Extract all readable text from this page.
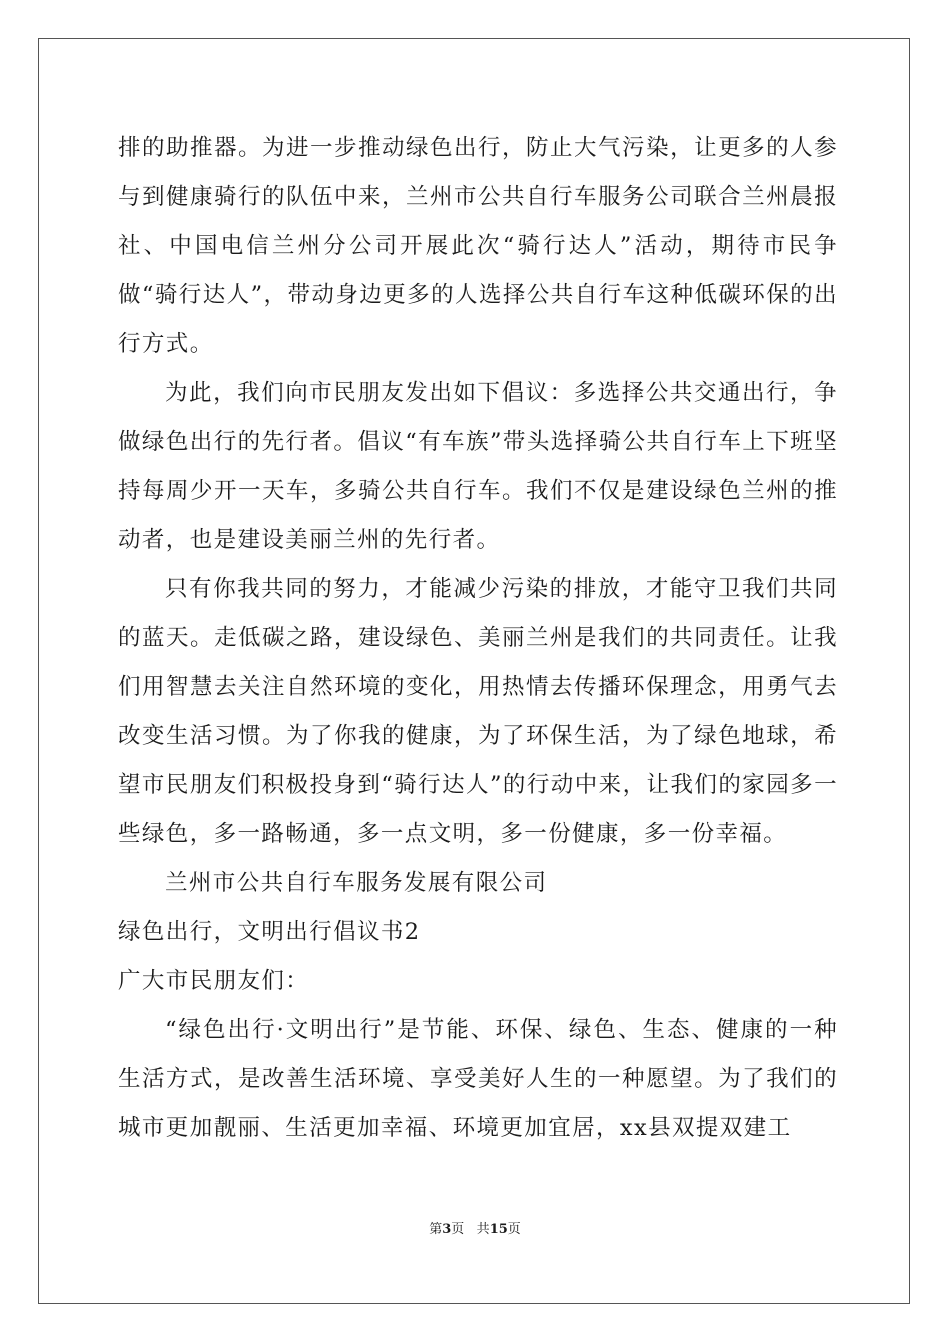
排的助推器。为进一步推动绿色出行，防止大气污染，让更多的人参与到健康骑行的队伍中来，兰州市公共自行车服务公司联合兰州晨报社、中国电信兰州分公司开展此次“骑行达人”活动，期待市民争做“骑行达人”，带动身边更多的人选择公共自行车这种低碳环保的出行方式。

为此，我们向市民朋友发出如下倡议：多选择公共交通出行，争做绿色出行的先行者。倡议“有车族”带头选择骑公共自行车上下班坚持每周少开一天车，多骑公共自行车。我们不仅是建设绿色兰州的推动者，也是建设美丽兰州的先行者。

只有你我共同的努力，才能减少污染的排放，才能守卫我们共同的蓝天。走低碳之路，建设绿色、美丽兰州是我们的共同责任。让我们用智慧去关注自然环境的变化，用热情去传播环保理念，用勇气去改变生活习惯。为了你我的健康，为了环保生活，为了绿色地球，希望市民朋友们积极投身到“骑行达人”的行动中来，让我们的家园多一些绿色，多一路畅通，多一点文明，多一份健康，多一份幸福。

兰州市公共自行车服务发展有限公司

绿色出行，文明出行倡议书2

广大市民朋友们：

“绿色出行·文明出行”是节能、环保、绿色、生态、健康的一种生活方式，是改善生活环境、享受美好人生的一种愿望。为了我们的城市更加靓丽、生活更加幸福、环境更加宜居，xx县双提双建工

第3页 共15页
